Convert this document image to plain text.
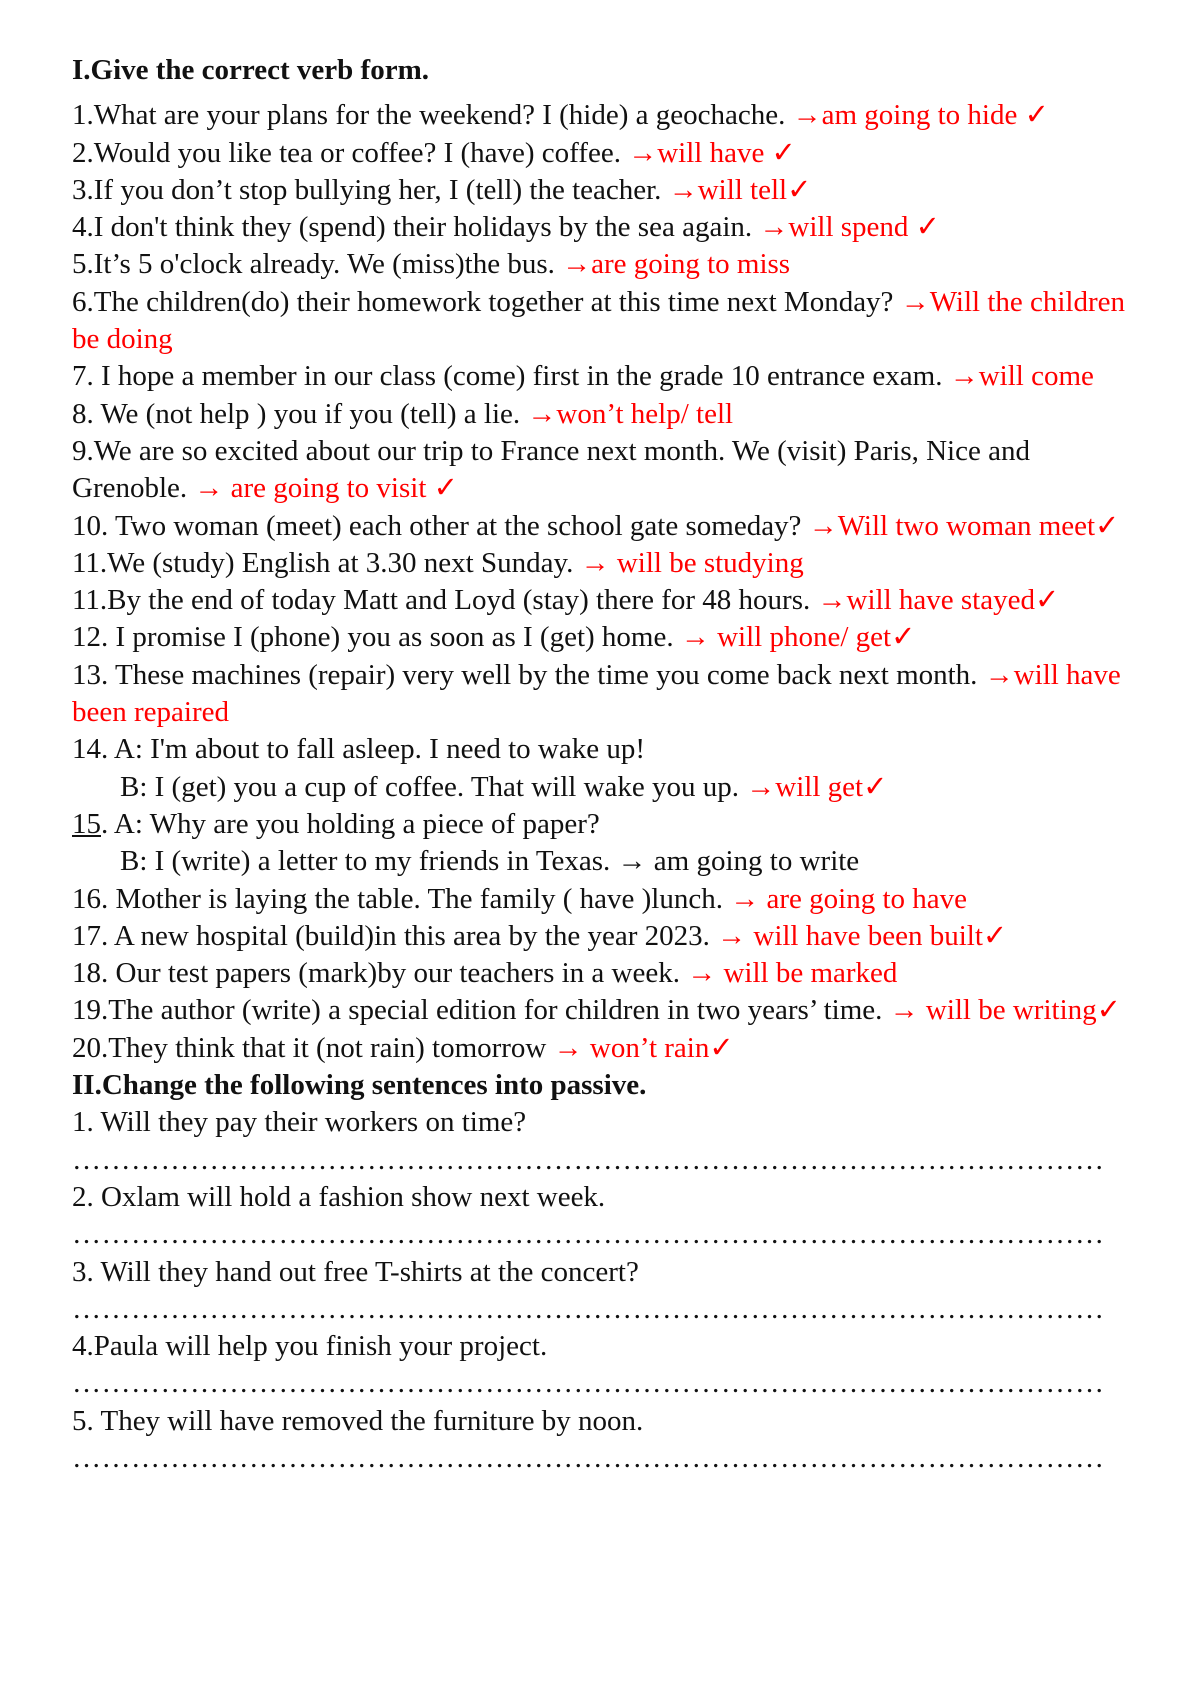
I.Give the correct verb form.
1.What are your plans for the weekend? I (hide) a geochache. →am going to hide ✓
2.Would you like tea or coffee? I (have) coffee. →will have ✓
3.If you don’t stop bullying her, I (tell) the teacher. →will tell✓
4.I don't think they (spend) their holidays by the sea again. →will spend ✓
5.It’s 5 o'clock already. We (miss)the bus. →are going to miss
6.The children(do) their homework together at this time next Monday? →Will the children be doing
7. I hope a member in our class (come) first in the grade 10 entrance exam. →will come
8. We (not help ) you if you (tell) a lie. →won’t help/ tell
9.We are so excited about our trip to France next month. We (visit) Paris, Nice and Grenoble. → are going to visit ✓
10. Two woman (meet) each other at the school gate someday? →Will two woman meet✓
11.We (study) English at 3.30 next Sunday. → will be studying
11.By the end of today Matt and Loyd (stay) there for 48 hours. →will have stayed✓
12. I promise I (phone) you as soon as I (get) home. → will phone/ get✓
13. These machines (repair) very well by the time you come back next month. →will have been repaired
14. A: I'm about to fall asleep. I need to wake up!
B: I (get) you a cup of coffee. That will wake you up. →will get✓
15. A: Why are you holding a piece of paper?
B: I (write) a letter to my friends in Texas. → am going to write
16. Mother is laying the table. The family ( have )lunch. → are going to have
17. A new hospital (build)in this area by the year 2023. → will have been built✓
18. Our test papers (mark)by our teachers in a week. → will be marked
19.The author (write) a special edition for children in two years’ time. → will be writing✓
20.They think that it (not rain) tomorrow → won’t rain✓
II.Change the following sentences into passive.
1. Will they pay their workers on time?
……………………………………………………………………………………………
2. Oxlam will hold a fashion show next week.
……………………………………………………………………………………………
3. Will they hand out free T-shirts at the concert?
……………………………………………………………………………………………
4.Paula will help you finish your project.
……………………………………………………………………………………………
5. They will have removed the furniture by noon.
……………………………………………………………………………………………
